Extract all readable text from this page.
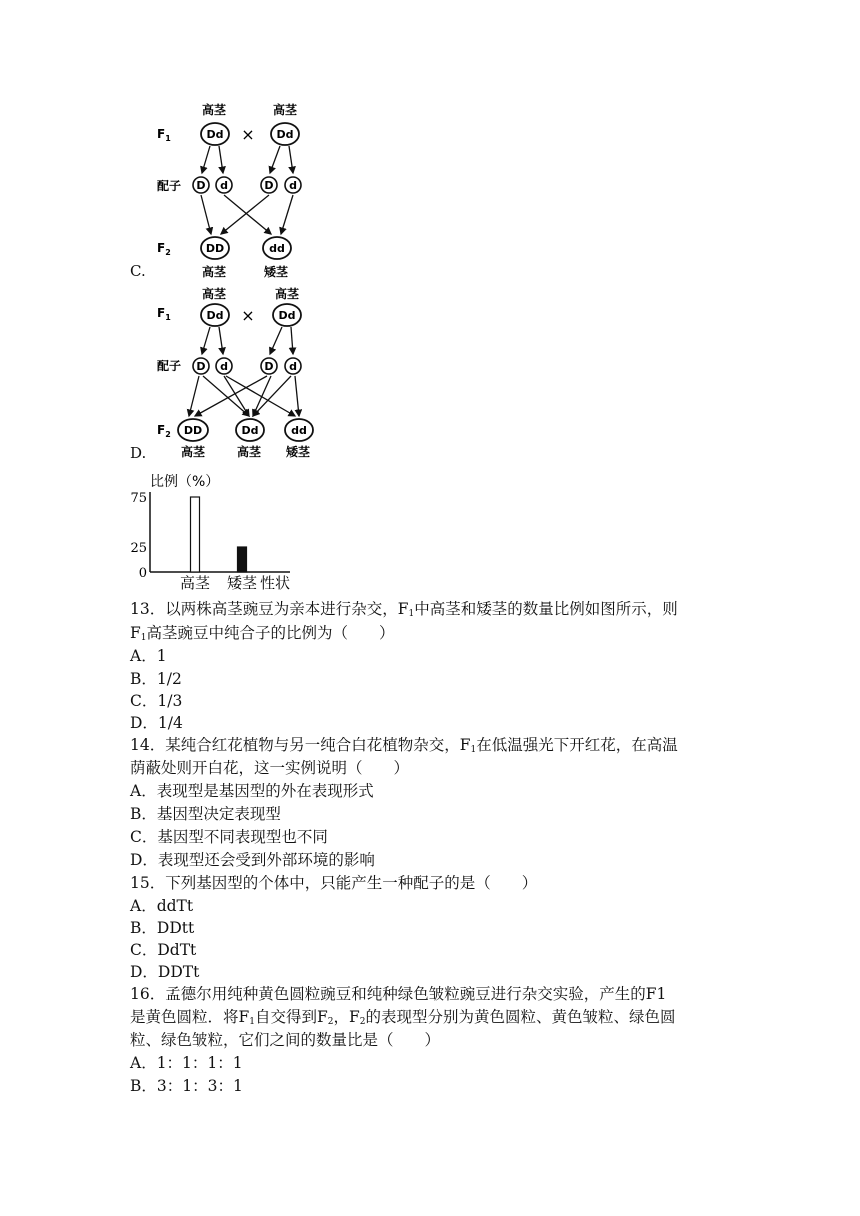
C.
$F_1$
配子
$F_2$
高茎	高茎
Dd × Dd
D d	D d
DD	dd
高茎	矮茎
D.
$F_1$
配子
$F_2$
高茎	高茎
Dd × Dd
D d	D d
DD	Dd	dd
高茎	高茎 矮茎
比例（%）
0
25
75
高茎 矮茎 性状
13．以两株高茎豌豆为亲本进行杂交，$F_1$中高茎和矮茎的数量比例如图所示，则
$F_1$高茎豌豆中纯合子的比例为（　　）
A．1
B．1/2
C．1/3
D．1/4
14．某纯合红花植物与另一纯合白花植物杂交，$F_1$在低温强光下开红花，在高温
荫蔽处则开白花，这一实例说明（　　）
A．表现型是基因型的外在表现形式
B．基因型决定表现型
C．基因型不同表现型也不同
D．表现型还会受到外部环境的影响
15．下列基因型的个体中，只能产生一种配子的是（　　）
A．ddTt
B．DDtt
C．DdTt
D．DDTt
16．孟德尔用纯种黄色圆粒豌豆和纯种绿色皱粒豌豆进行杂交实验，产生的F1
是黄色圆粒．将$F_1$自交得到$F_2$，$F_2$的表现型分别为黄色圆粒、黄色皱粒、绿色圆
粒、绿色皱粒，它们之间的数量比是（　　）
A．1：1：1：1
B．3：1：3：1
